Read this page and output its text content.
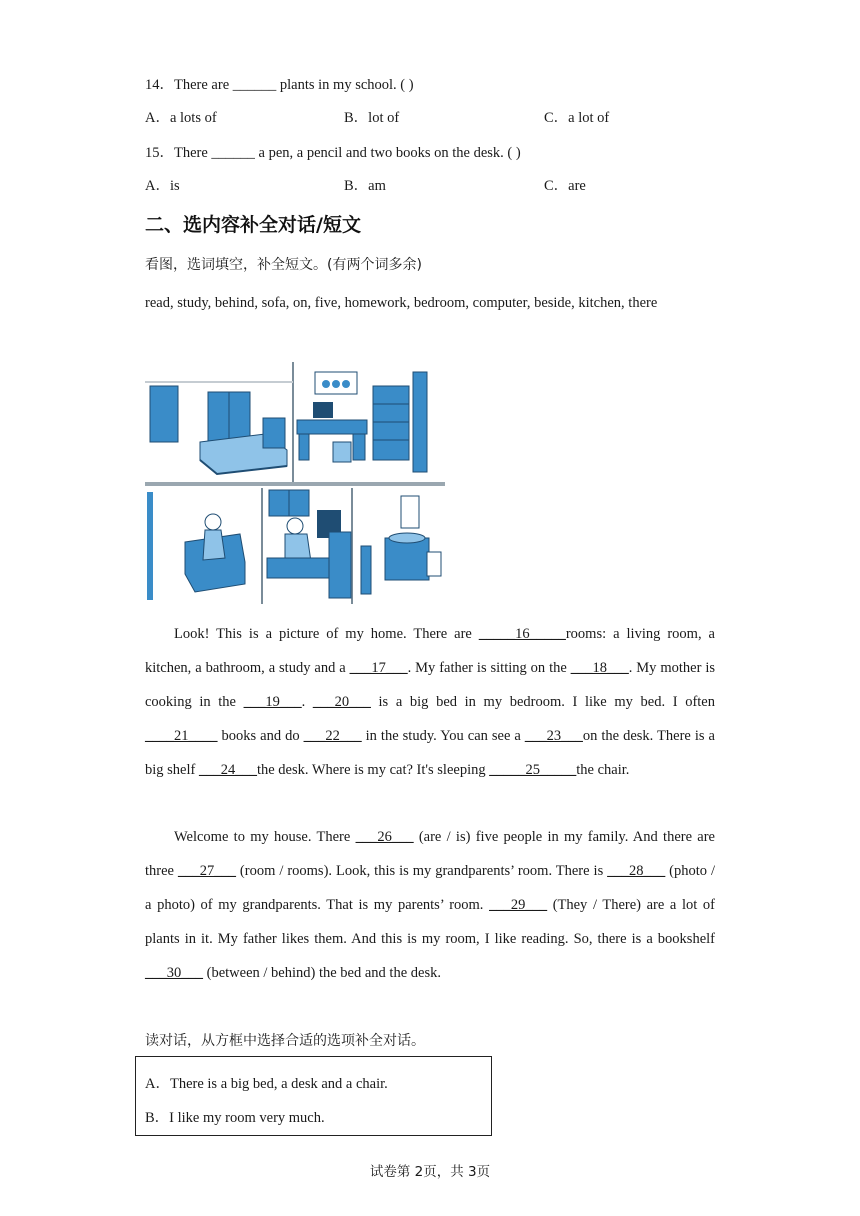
14．There are ______ plants in my school. ( )
A．a lots of	B．lot of	C．a lot of
15．There ______ a pen, a pencil and two books on the desk. ( )
A．is	B．am	C．are
二、选内容补全对话/短文
看图，选词填空，补全短文。(有两个词多余)
read, study, behind, sofa, on, five, homework, bedroom, computer, beside, kitchen, there
Look! This is a picture of my home. There are _____16_____rooms: a living room, a kitchen, a bathroom, a study and a ___17___. My father is sitting on the ___18___. My mother is cooking in the ___19___. ___20___ is a big bed in my bedroom. I like my bed. I often ____21____ books and do ___22___ in the study. You can see a ___23___on the desk. There is a big shelf ___24___the desk. Where is my cat? It's sleeping _____25_____the chair.
Welcome to my house. There ___26___ (are / is) five people in my family. And there are three ___27___ (room / rooms). Look, this is my grandparents’ room. There is ___28___ (photo / a photo) of my grandparents. That is my parents’ room. ___29___ (They / There) are a lot of plants in it. My father likes them. And this is my room, I like reading. So, there is a bookshelf ___30___ (between / behind) the bed and the desk.
读对话，从方框中选择合适的选项补全对话。
A．There is a big bed, a desk and a chair.
B．I like my room very much.
试卷第 2页，共 3页
